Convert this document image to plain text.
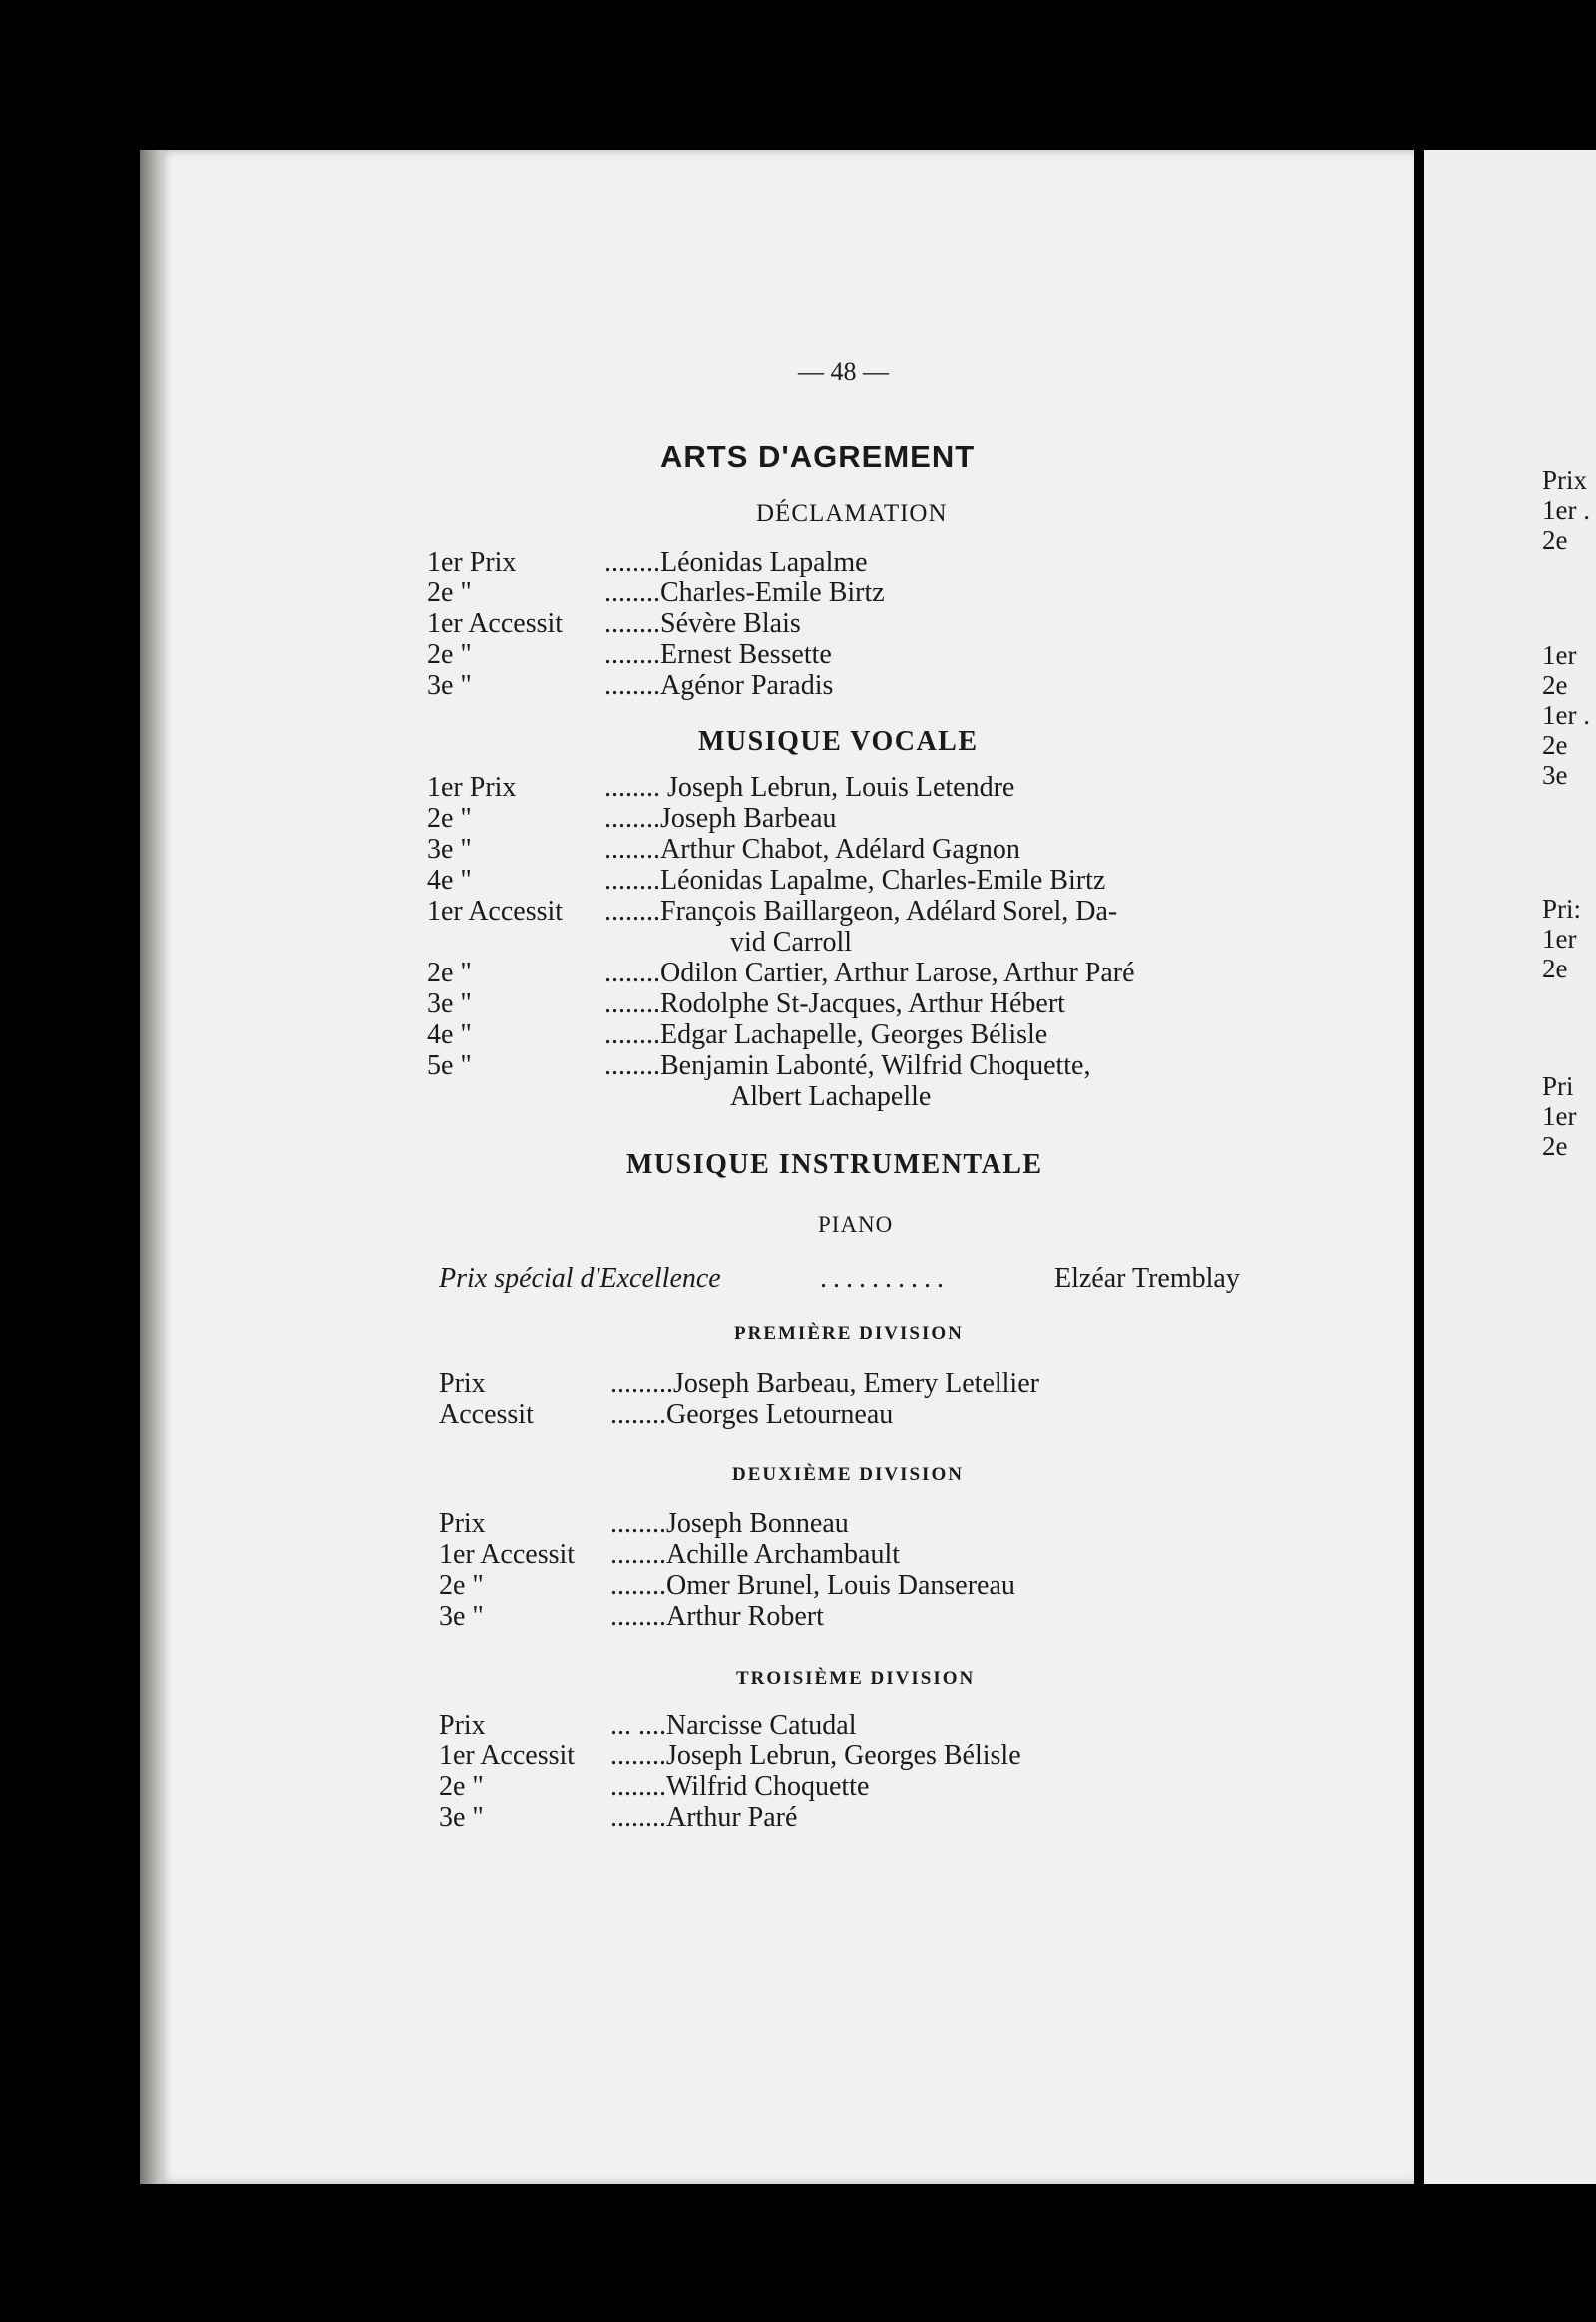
Prix
1er .
2e
1er
2e
1er .
2e
3e
Pri:
1er
2e
Pri
1er
2e
— 48 —
ARTS D'AGREMENT
DÉCLAMATION
1er Prix	........Léonidas Lapalme
2e "	........Charles-Emile Birtz
1er Accessit ........Sévère Blais
2e "	........Ernest Bessette
3e "	........Agénor Paradis
MUSIQUE VOCALE
1er Prix	........ Joseph Lebrun, Louis Letendre
2e "	........Joseph Barbeau
3e "	........Arthur Chabot, Adélard Gagnon
4e "	........Léonidas Lapalme, Charles-Emile Birtz
1er Accessit ........François Baillargeon, Adélard Sorel, Da-
vid Carroll
2e "	........Odilon Cartier, Arthur Larose, Arthur Paré
3e "	........Rodolphe St-Jacques, Arthur Hébert
4e "	........Edgar Lachapelle, Georges Bélisle
5e "	........Benjamin Labonté, Wilfrid Choquette,
Albert Lachapelle
MUSIQUE INSTRUMENTALE
PIANO
Prix spécial d'Excellence	..........	Elzéar Tremblay
PREMIÈRE DIVISION
Prix	.........Joseph Barbeau, Emery Letellier
Accessit	........Georges Letourneau
DEUXIÈME DIVISION
Prix	........Joseph Bonneau
1er Accessit ........Achille Archambault
2e "	........Omer Brunel, Louis Dansereau
3e "	........Arthur Robert
TROISIÈME DIVISION
Prix	... ....Narcisse Catudal
1er Accessit ........Joseph Lebrun, Georges Bélisle
2e "	........Wilfrid Choquette
3e "	........Arthur Paré
